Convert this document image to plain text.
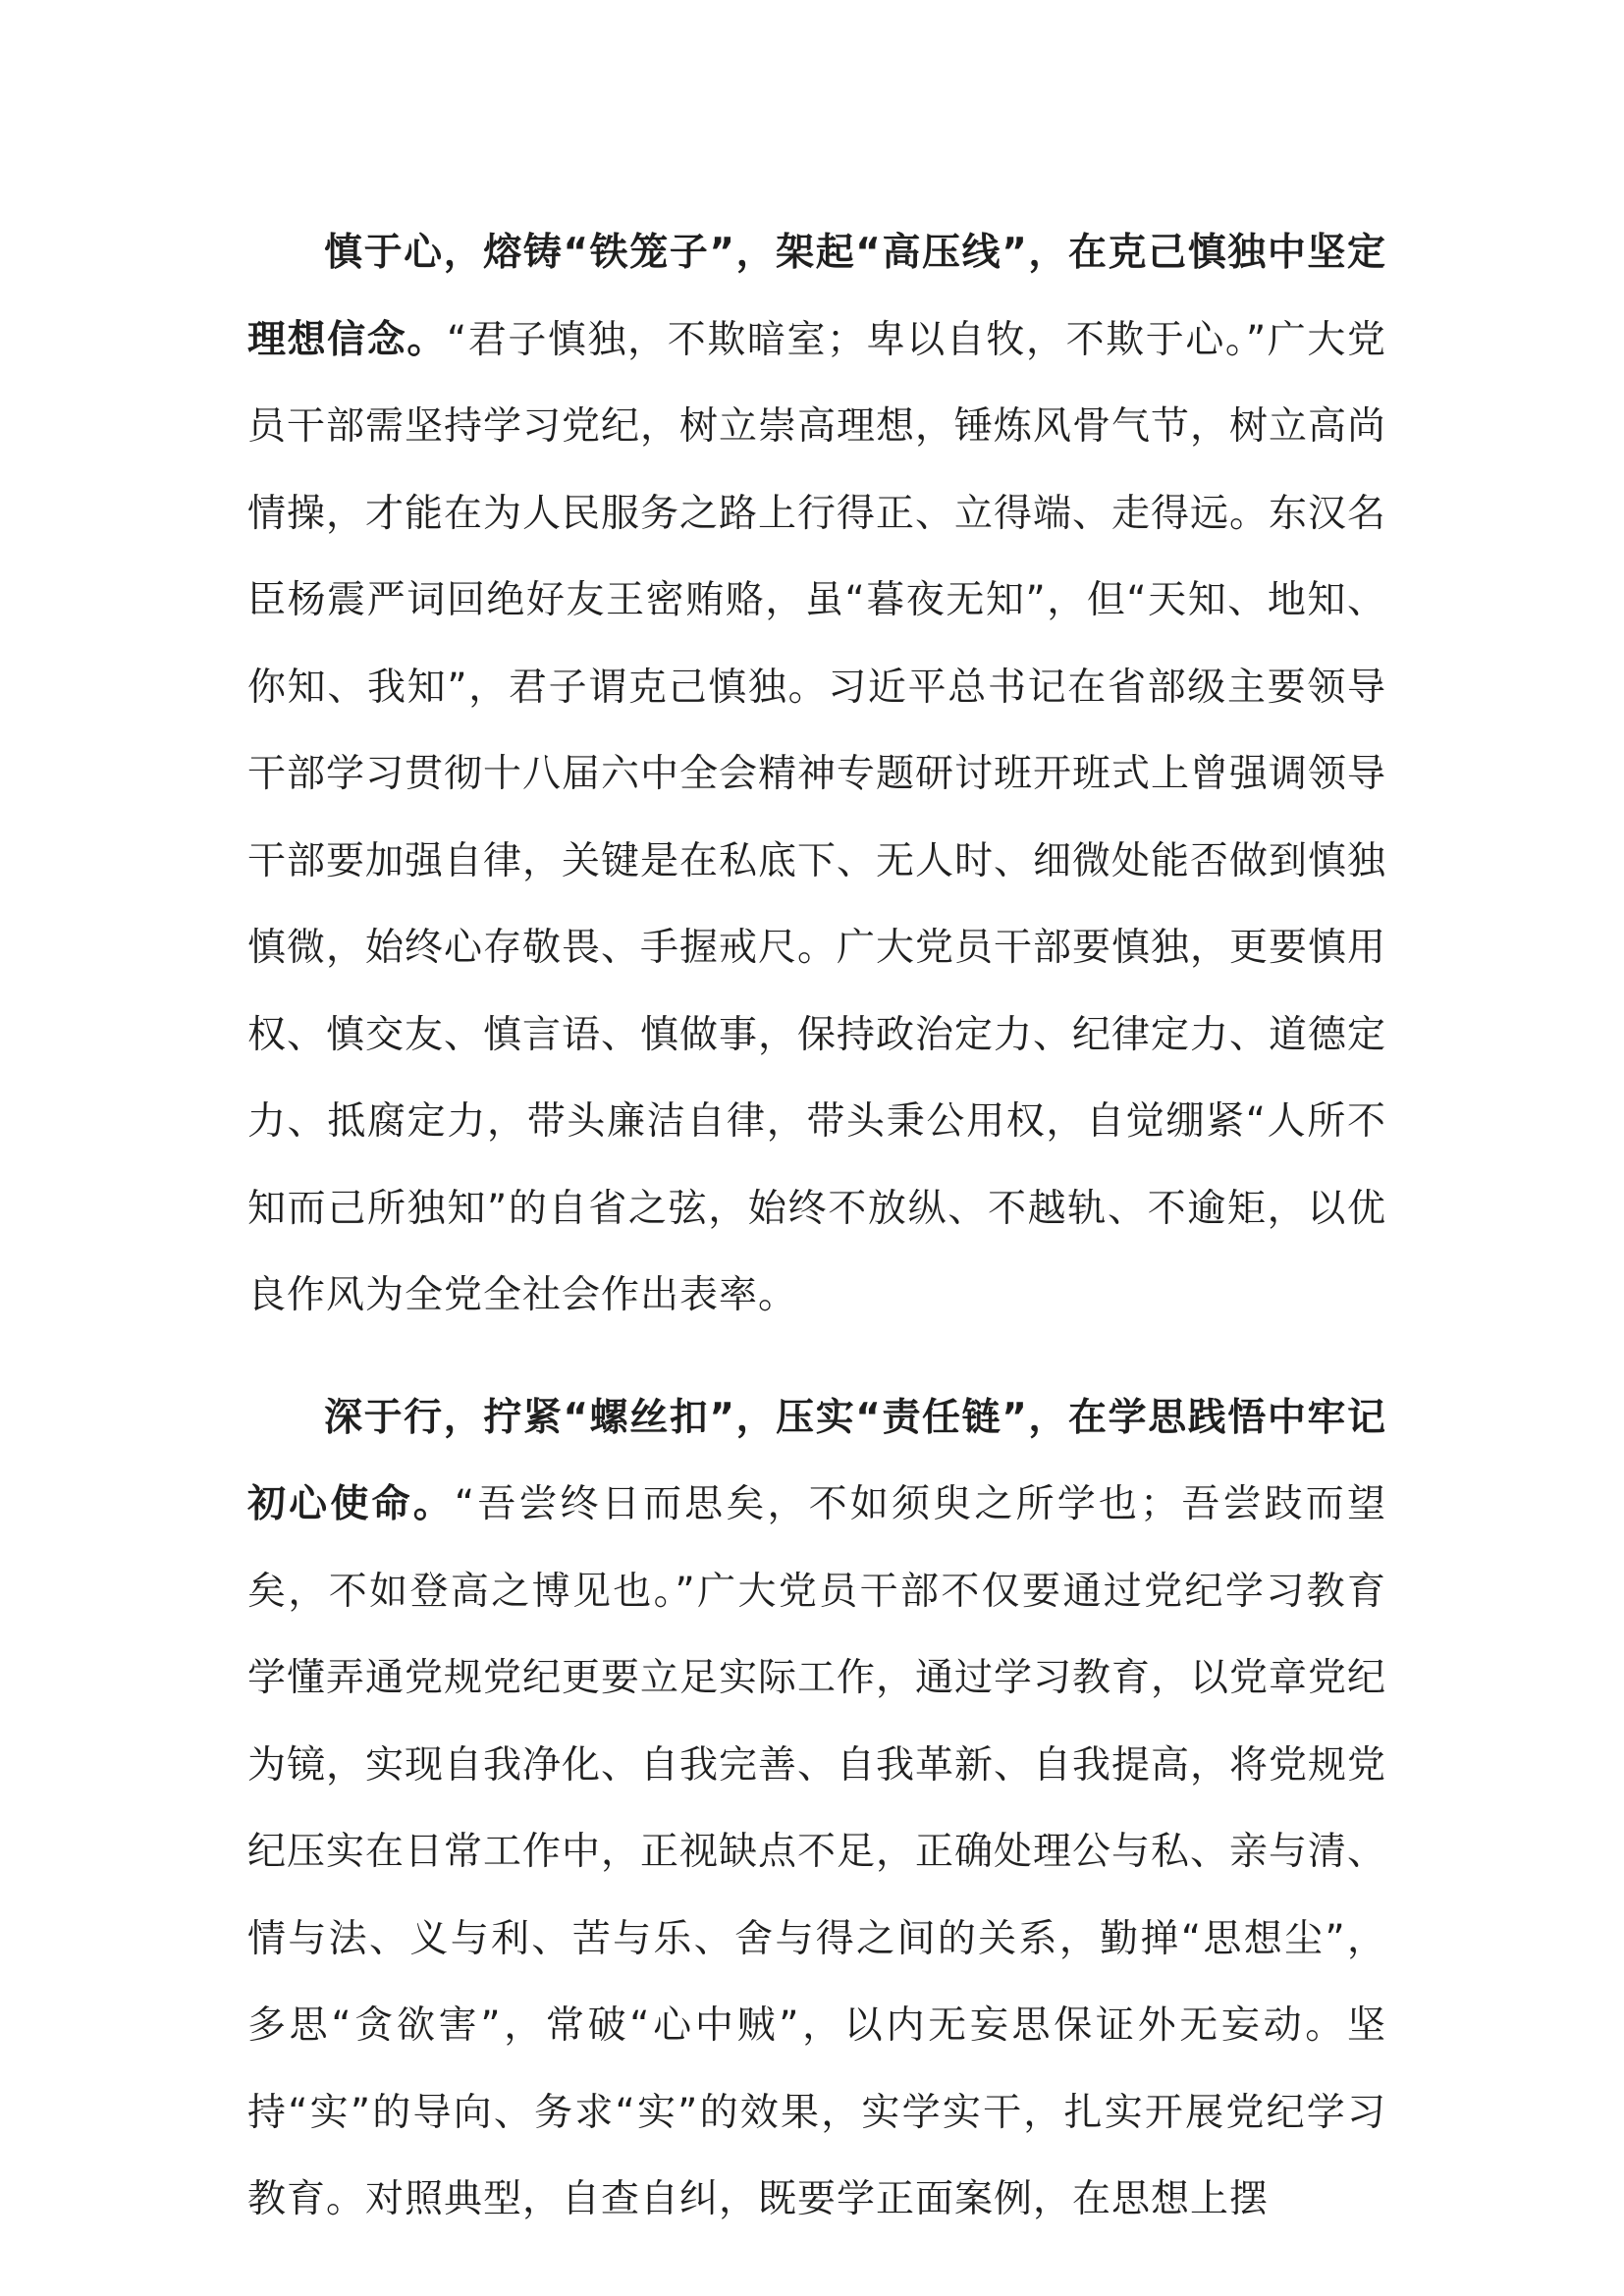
慎于心，熔铸“铁笼子”，架起“高压线”，在克己慎独中坚定理想信念。“君子慎独，不欺暗室；卑以自牧，不欺于心。”广大党员干部需坚持学习党纪，树立崇高理想，锤炼风骨气节，树立高尚情操，才能在为人民服务之路上行得正、立得端、走得远。东汉名臣杨震严词回绝好友王密贿赂，虽“暮夜无知”，但“天知、地知、你知、我知”，君子谓克己慎独。习近平总书记在省部级主要领导干部学习贯彻十八届六中全会精神专题研讨班开班式上曾强调领导干部要加强自律，关键是在私底下、无人时、细微处能否做到慎独慎微，始终心存敬畏、手握戒尺。广大党员干部要慎独，更要慎用权、慎交友、慎言语、慎做事，保持政治定力、纪律定力、道德定力、抵腐定力，带头廉洁自律，带头秉公用权，自觉绷紧“人所不知而己所独知”的自省之弦，始终不放纵、不越轨、不逾矩，以优良作风为全党全社会作出表率。

深于行，拧紧“螺丝扣”，压实“责任链”，在学思践悟中牢记初心使命。“吾尝终日而思矣，不如须臾之所学也；吾尝跂而望矣，不如登高之博见也。”广大党员干部不仅要通过党纪学习教育学懂弄通党规党纪更要立足实际工作，通过学习教育，以党章党纪为镜，实现自我净化、自我完善、自我革新、自我提高，将党规党纪压实在日常工作中，正视缺点不足，正确处理公与私、亲与清、情与法、义与利、苦与乐、舍与得之间的关系，勤掸“思想尘”，多思“贪欲害”，常破“心中贼”，以内无妄思保证外无妄动。坚持“实”的导向、务求“实”的效果，实学实干，扎实开展党纪学习教育。对照典型，自查自纠，既要学正面案例，在思想上摆
